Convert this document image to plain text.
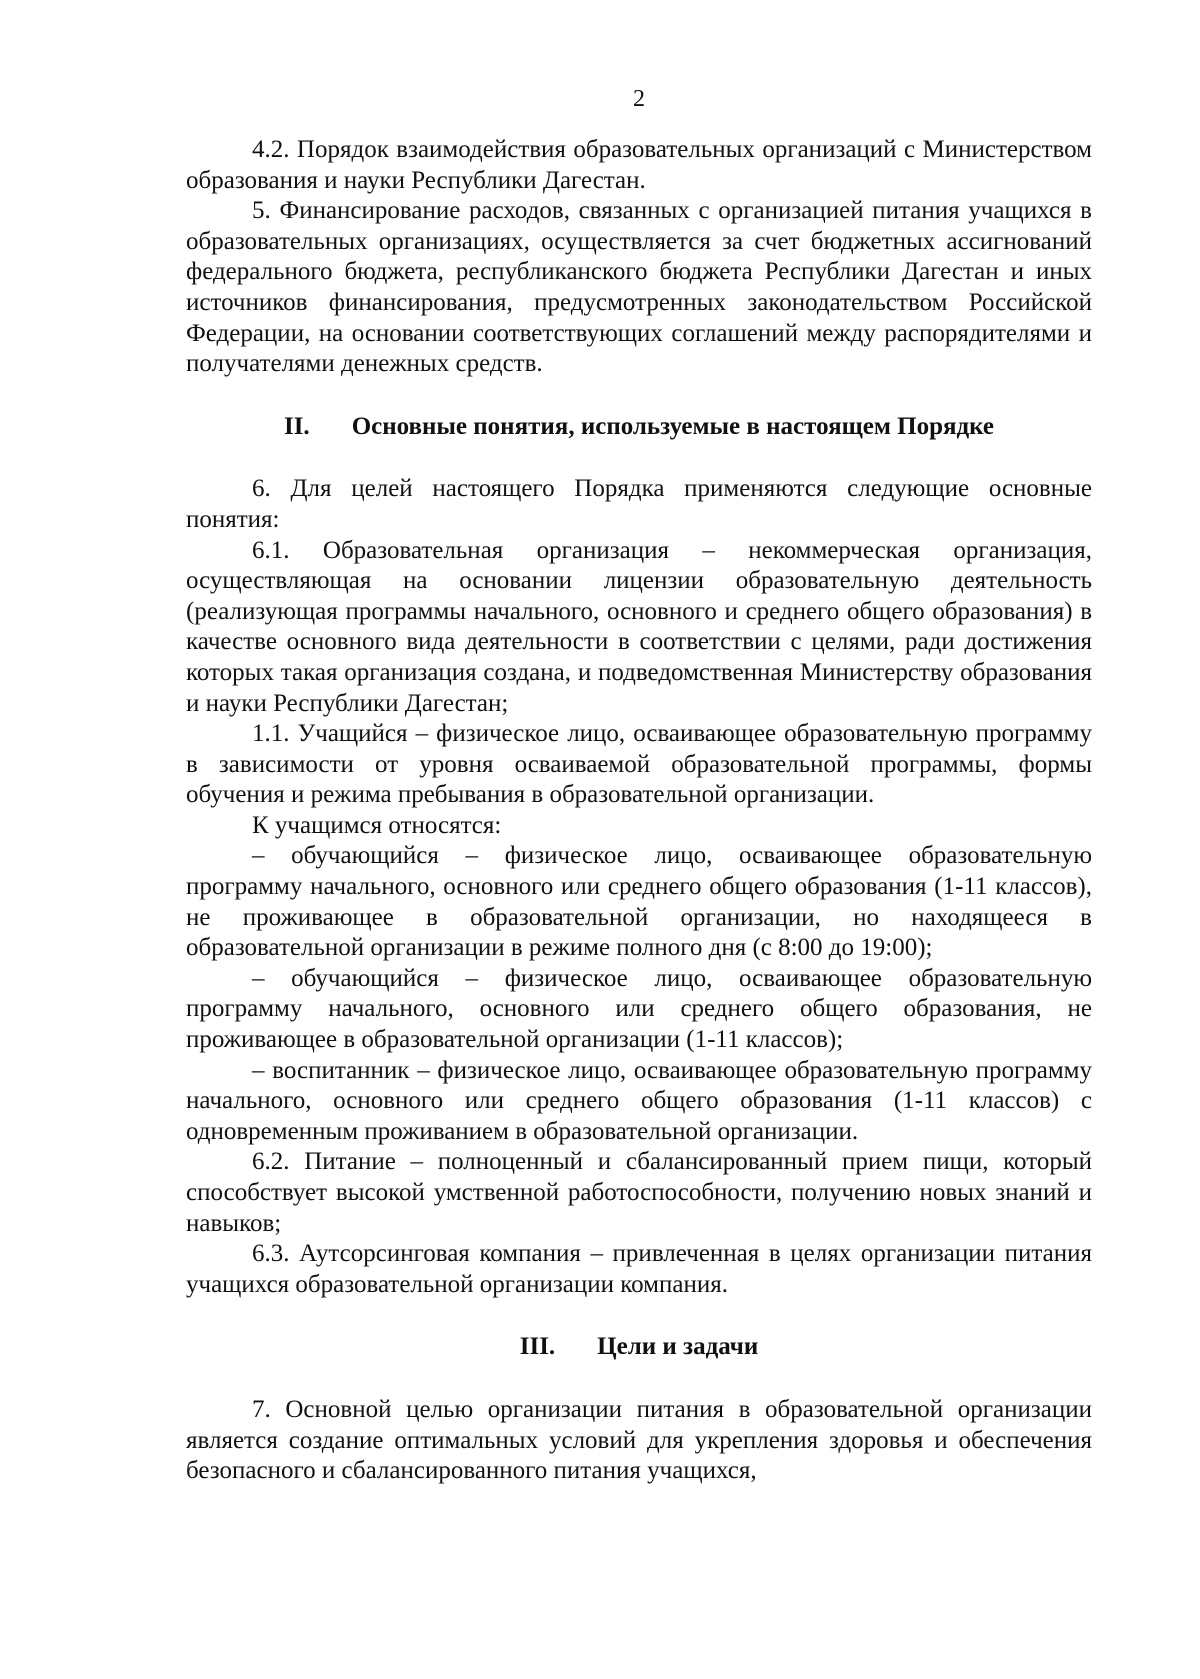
2

4.2. Порядок взаимодействия образовательных организаций с Министерством образования и науки Республики Дагестан.

5. Финансирование расходов, связанных с организацией питания учащихся в образовательных организациях, осуществляется за счет бюджетных ассигнований федерального бюджета, республиканского бюджета Республики Дагестан и иных источников финансирования, предусмотренных законодательством Российской Федерации, на основании соответствующих соглашений между распорядителями и получателями денежных средств.

II. Основные понятия, используемые в настоящем Порядке

6. Для целей настоящего Порядка применяются следующие основные понятия:

6.1. Образовательная организация – некоммерческая организация, осуществляющая на основании лицензии образовательную деятельность (реализующая программы начального, основного и среднего общего образования) в качестве основного вида деятельности в соответствии с целями, ради достижения которых такая организация создана, и подведомственная Министерству образования и науки Республики Дагестан;

1.1. Учащийся – физическое лицо, осваивающее образовательную программу в зависимости от уровня осваиваемой образовательной программы, формы обучения и режима пребывания в образовательной организации.

К учащимся относятся:

– обучающийся – физическое лицо, осваивающее образовательную программу начального, основного или среднего общего образования (1-11 классов), не проживающее в образовательной организации, но находящееся в образовательной организации в режиме полного дня (с 8:00 до 19:00);

– обучающийся – физическое лицо, осваивающее образовательную программу начального, основного или среднего общего образования, не проживающее в образовательной организации (1-11 классов);

– воспитанник – физическое лицо, осваивающее образовательную программу начального, основного или среднего общего образования (1-11 классов) с одновременным проживанием в образовательной организации.

6.2. Питание – полноценный и сбалансированный прием пищи, который способствует высокой умственной работоспособности, получению новых знаний и навыков;

6.3. Аутсорсинговая компания – привлеченная в целях организации питания учащихся образовательной организации компания.

III. Цели и задачи

7. Основной целью организации питания в образовательной организации является создание оптимальных условий для укрепления здоровья и обеспечения безопасного и сбалансированного питания учащихся,
